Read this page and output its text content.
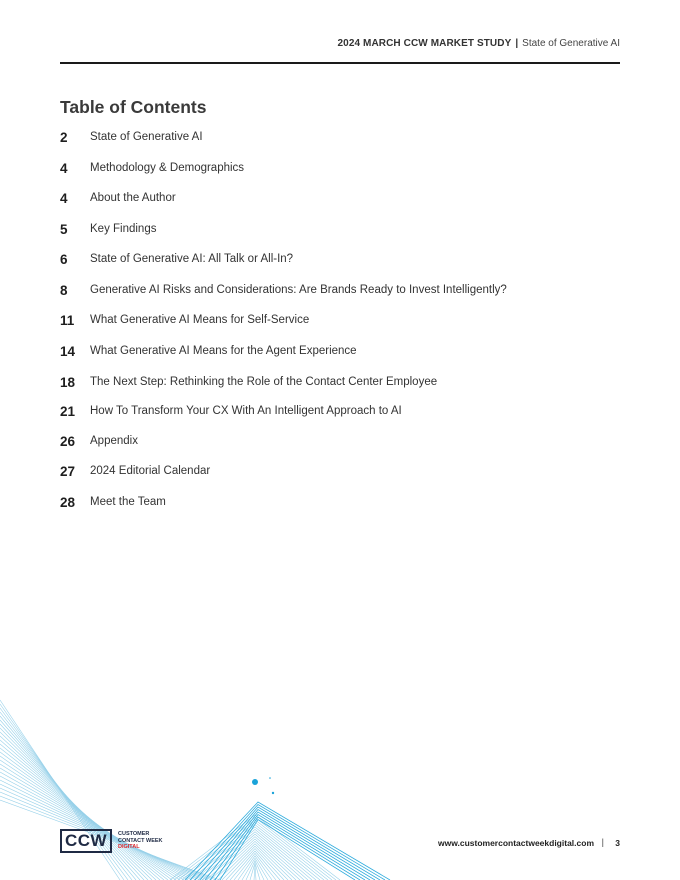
2024 MARCH CCW MARKET STUDY | State of Generative AI
Table of Contents
2	State of Generative AI
4	Methodology & Demographics
4	About the Author
5	Key Findings
6	State of Generative AI: All Talk or All-In?
8	Generative AI Risks and Considerations: Are Brands Ready to Invest Intelligently?
11	What Generative AI Means for Self-Service
14	What Generative AI Means for the Agent Experience
18	The Next Step: Rethinking the Role of the Contact Center Employee
21	How To Transform Your CX With An Intelligent Approach to AI
26	Appendix
27	2024 Editorial Calendar
28	Meet the Team
CCW	CUSTOMER
CONTACT WEEK
DIGITAL	www.customercontactweekdigital.com | 3
